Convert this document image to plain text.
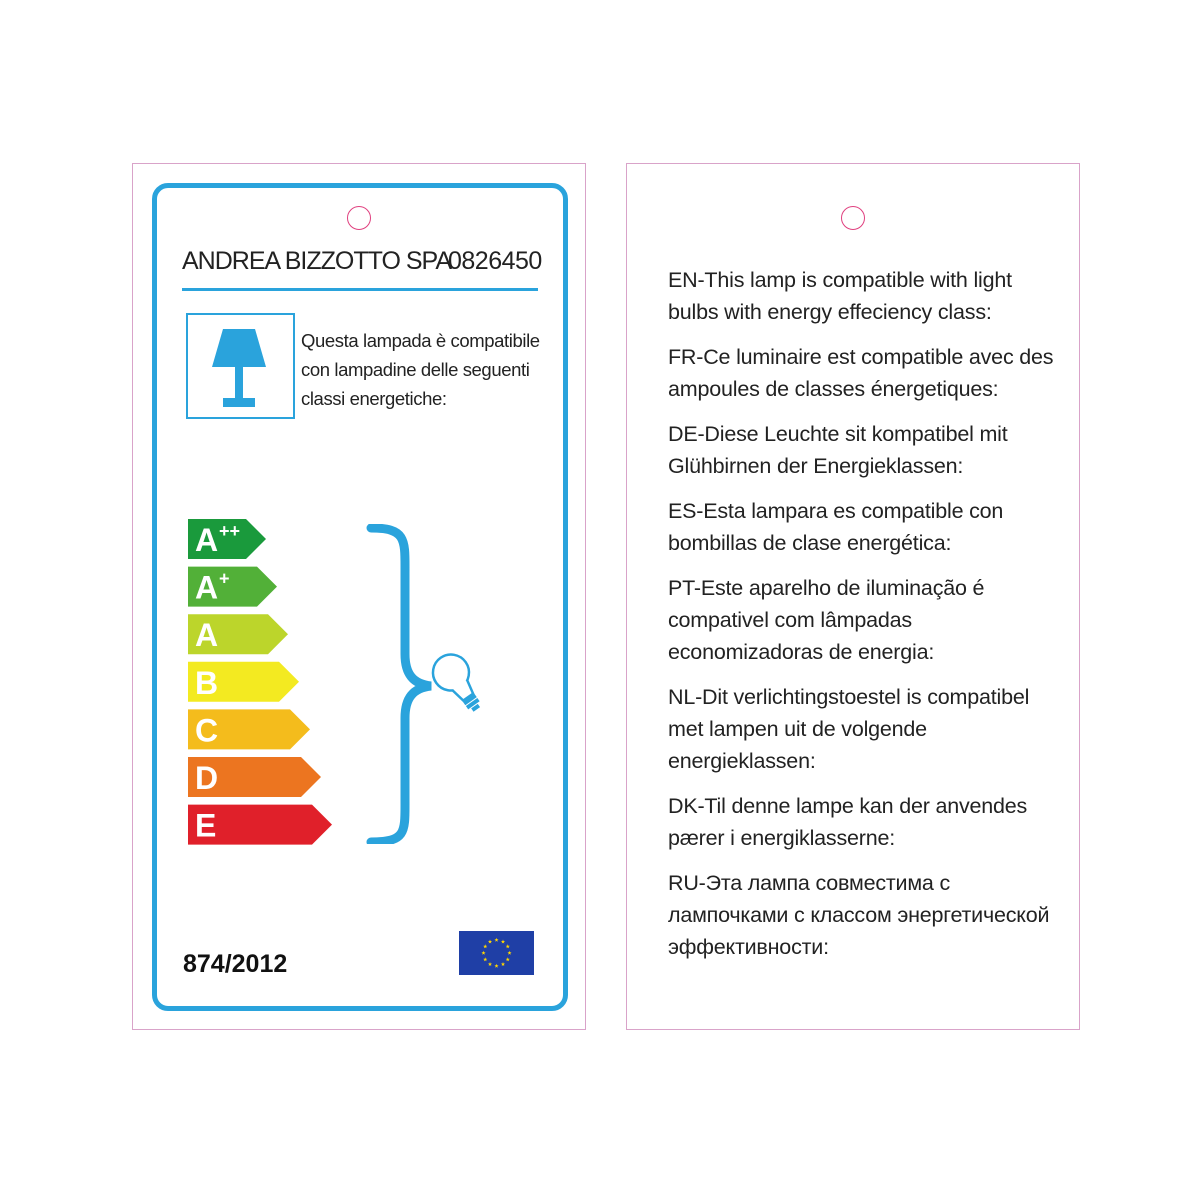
ANDREA BIZZOTTO SPA
0826450
Questa lampada è compatibile con lampadine delle seguenti classi energetiche:
A ++
A +
A
B
C
D
E
874/2012

EN-This lamp is compatible with light bulbs with energy effeciency class:

FR-Ce luminaire est compatible avec des ampoules de classes énergetiques:

DE-Diese Leuchte sit kompatibel mit Glühbirnen der Energieklassen:

ES-Esta lampara es compatible con bombillas de clase energética:

PT-Este aparelho de iluminação é compativel com lâmpadas economizadoras de energia:

NL-Dit verlichtingstoestel is compatibel met lampen uit de volgende energieklassen:

DK-Til denne lampe kan der anvendes pærer i energiklasserne:

RU-Эта лампа совместима с лампочками с классом энергетической эффективности:
